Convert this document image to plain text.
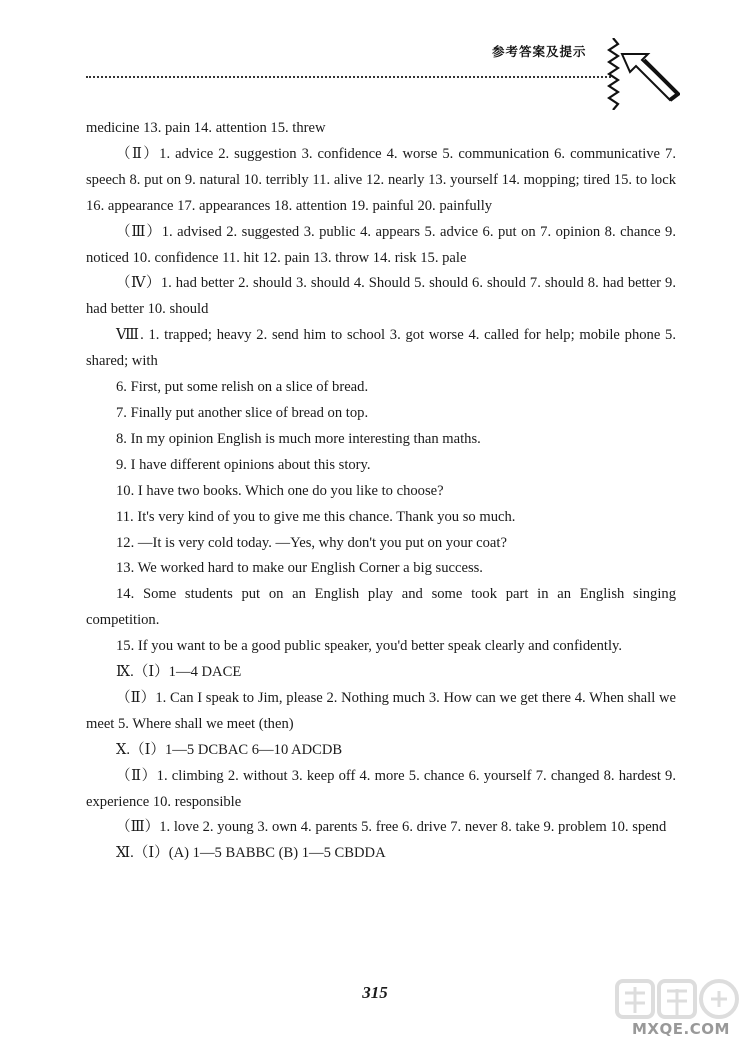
参考答案及提示

medicine 13. pain 14. attention 15. threw

（Ⅱ）1. advice 2. suggestion 3. confidence 4. worse 5. communication 6. communicative 7. speech 8. put on 9. natural 10. terribly 11. alive 12. nearly 13. yourself 14. mopping; tired 15. to lock 16. appearance 17. appearances 18. attention 19. painful 20. painfully

（Ⅲ）1. advised 2. suggested 3. public 4. appears 5. advice 6. put on 7. opinion 8. chance 9. noticed 10. confidence 11. hit 12. pain 13. throw 14. risk 15. pale

（Ⅳ）1. had better 2. should 3. should 4. Should 5. should 6. should 7. should 8. had better 9. had better 10. should

Ⅷ. 1. trapped; heavy 2. send him to school 3. got worse 4. called for help; mobile phone 5. shared; with

6. First, put some relish on a slice of bread.

7. Finally put another slice of bread on top.

8. In my opinion English is much more interesting than maths.

9. I have different opinions about this story.

10. I have two books. Which one do you like to choose?

11. It's very kind of you to give me this chance. Thank you so much.

12. —It is very cold today. —Yes, why don't you put on your coat?

13. We worked hard to make our English Corner a big success.

14. Some students put on an English play and some took part in an English singing competition.

15. If you want to be a good public speaker, you'd better speak clearly and confidently.

Ⅸ.（Ⅰ）1—4 DACE

（Ⅱ）1. Can I speak to Jim, please 2. Nothing much 3. How can we get there 4. When shall we meet 5. Where shall we meet (then)

Ⅹ.（Ⅰ）1—5 DCBAC 6—10 ADCDB

（Ⅱ）1. climbing 2. without 3. keep off 4. more 5. chance 6. yourself 7. changed 8. hardest 9. experience 10. responsible

（Ⅲ）1. love 2. young 3. own 4. parents 5. free 6. drive 7. never 8. take 9. problem 10. spend

Ⅺ.（Ⅰ）(A) 1—5 BABBC (B) 1—5 CBDDA

315
MXQE.COM
